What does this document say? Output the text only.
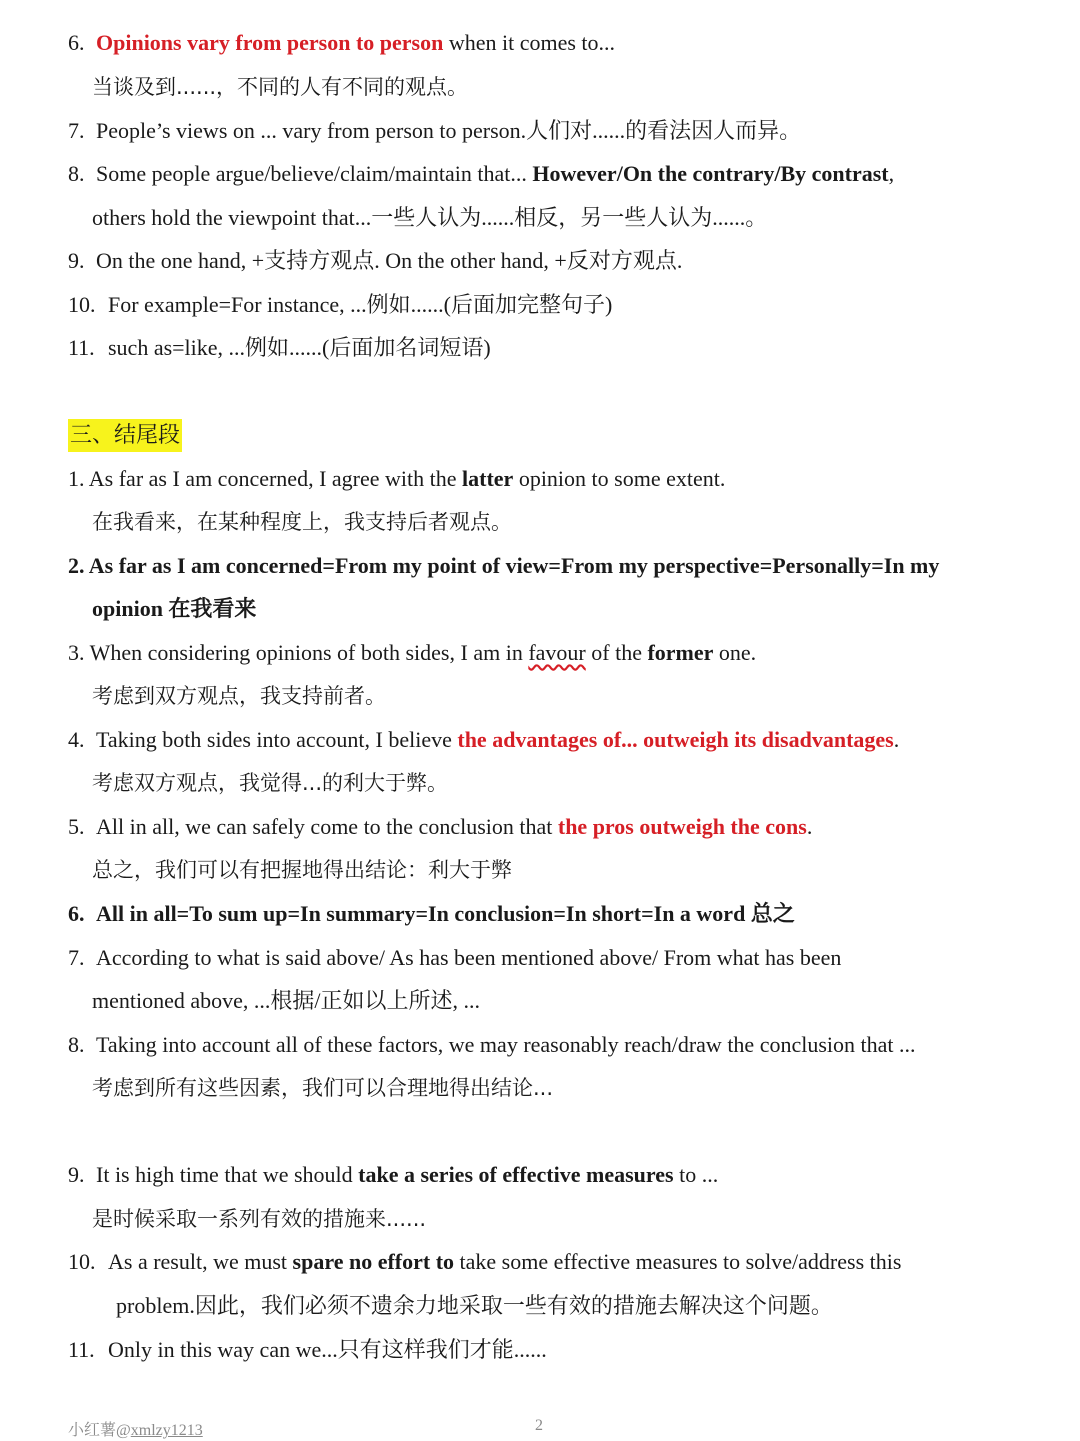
6. Opinions vary from person to person when it comes to...
当谈及到......，不同的人有不同的观点。
7. People’s views on ... vary from person to person.人们对......的看法因人而异。
8. Some people argue/believe/claim/maintain that... However/On the contrary/By contrast,
others hold the viewpoint that...一些人认为......相反，另一些人认为......。
9. On the one hand, +支持方观点. On the other hand, +反对方观点.
10. For example=For instance, ...例如......(后面加完整句子)
11. such as=like, ...例如......(后面加名词短语)
三、结尾段
1. As far as I am concerned, I agree with the latter opinion to some extent.
在我看来，在某种程度上，我支持后者观点。
2. As far as I am concerned=From my point of view=From my perspective=Personally=In my
opinion 在我看来
3. When considering opinions of both sides, I am in favour of the former one.
考虑到双方观点，我支持前者。
4. Taking both sides into account, I believe the advantages of... outweigh its disadvantages.
考虑双方观点，我觉得...的利大于弊。
5. All in all, we can safely come to the conclusion that the pros outweigh the cons.
总之，我们可以有把握地得出结论：利大于弊
6. All in all=To sum up=In summary=In conclusion=In short=In a word 总之
7. According to what is said above/ As has been mentioned above/ From what has been
mentioned above, ...根据/正如以上所述, ...
8. Taking into account all of these factors, we may reasonably reach/draw the conclusion that ...
考虑到所有这些因素，我们可以合理地得出结论...
9. It is high time that we should take a series of effective measures to ...
是时候采取一系列有效的措施来......
10. As a result, we must spare no effort to take some effective measures to solve/address this
problem.因此，我们必须不遗余力地采取一些有效的措施去解决这个问题。
11. Only in this way can we...只有这样我们才能......
小红薯@xmlzy1213	2
